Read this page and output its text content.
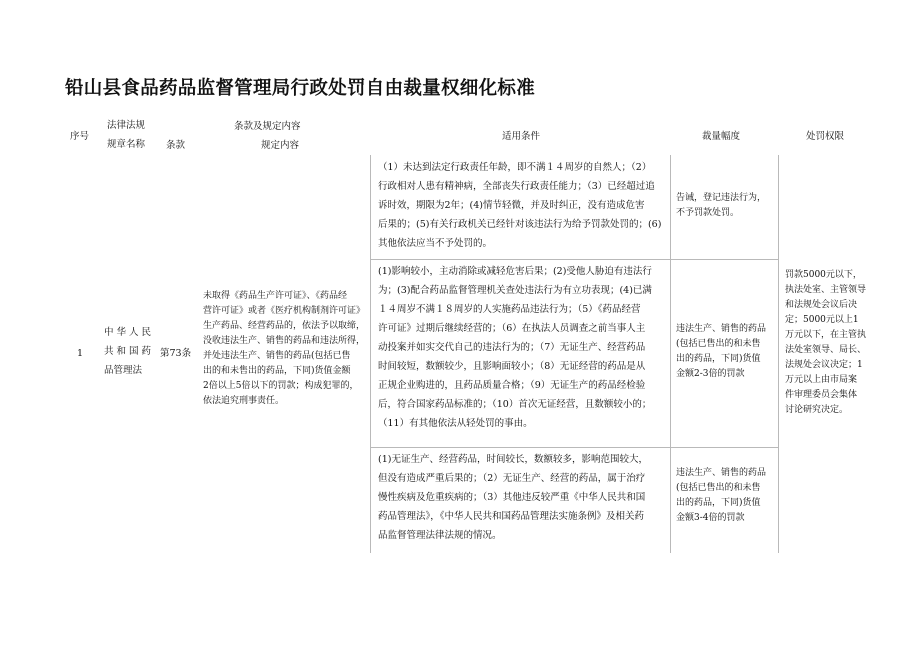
铅山县食品药品监督管理局行政处罚自由裁量权细化标准
序号
法律法规
规章名称 条款
条款及规定内容
规定内容
适用条件	裁量幅度	处罚权限
1
中 华 人 民
共 和 国 药
品管理法
第73条
未取得《药品生产许可证》、《药品经
营许可证》或者《医疗机构制剂许可证》
生产药品、经营药品的，依法予以取缔，
没收违法生产、销售的药品和违法所得，
并处违法生产、销售的药品(包括已售
出的和未售出的药品，下同)货值金额
2倍以上5倍以下的罚款；构成犯罪的，
依法追究刑事责任。
（1）未达到法定行政责任年龄，即不满１４周岁的自然人；（2）
行政相对人患有精神病，全部丧失行政责任能力；（3）已经超过追
诉时效，期限为2年；(4)情节轻微，并及时纠正，没有造成危害
后果的；(5)有关行政机关已经针对该违法行为给予罚款处罚的；(6)
其他依法应当不予处罚的。
告诫，登记违法行为，
不予罚款处罚。
(1)影响较小，主动消除或减轻危害后果；(2)受他人胁迫有违法行
为；(3)配合药品监督管理机关查处违法行为有立功表现；(4)已满
１４周岁不满１８周岁的人实施药品违法行为；（5）《药品经营
许可证》过期后继续经营的；（6）在执法人员调查之前当事人主
动投案并如实交代自己的违法行为的；（7）无证生产、经营药品
时间较短，数额较少，且影响面较小；（8）无证经营的药品是从
正规企业购进的，且药品质量合格；（9）无证生产的药品经检验
后，符合国家药品标准的；（10）首次无证经营，且数额较小的；
（11）有其他依法从轻处罚的事由。
违法生产、销售的药品
(包括已售出的和未售
出的药品，下同)货值
金额2-3倍的罚款
(1)无证生产、经营药品，时间较长，数额较多，影响范围较大，
但没有造成严重后果的；（2）无证生产、经营的药品，属于治疗
慢性疾病及危重疾病的；（3）其他违反较严重《中华人民共和国
药品管理法》，《中华人民共和国药品管理法实施条例》及相关药
品监督管理法律法规的情况。
违法生产、销售的药品
(包括已售出的和未售
出的药品，下同)货值
金额3-4倍的罚款
罚款5000元以下，
执法处室、主管领导
和法规处会议后决
定；5000元以上1
万元以下，在主管执
法处室领导、局长、
法规处会议决定；1
万元以上由市局案
件审理委员会集体
讨论研究决定。
